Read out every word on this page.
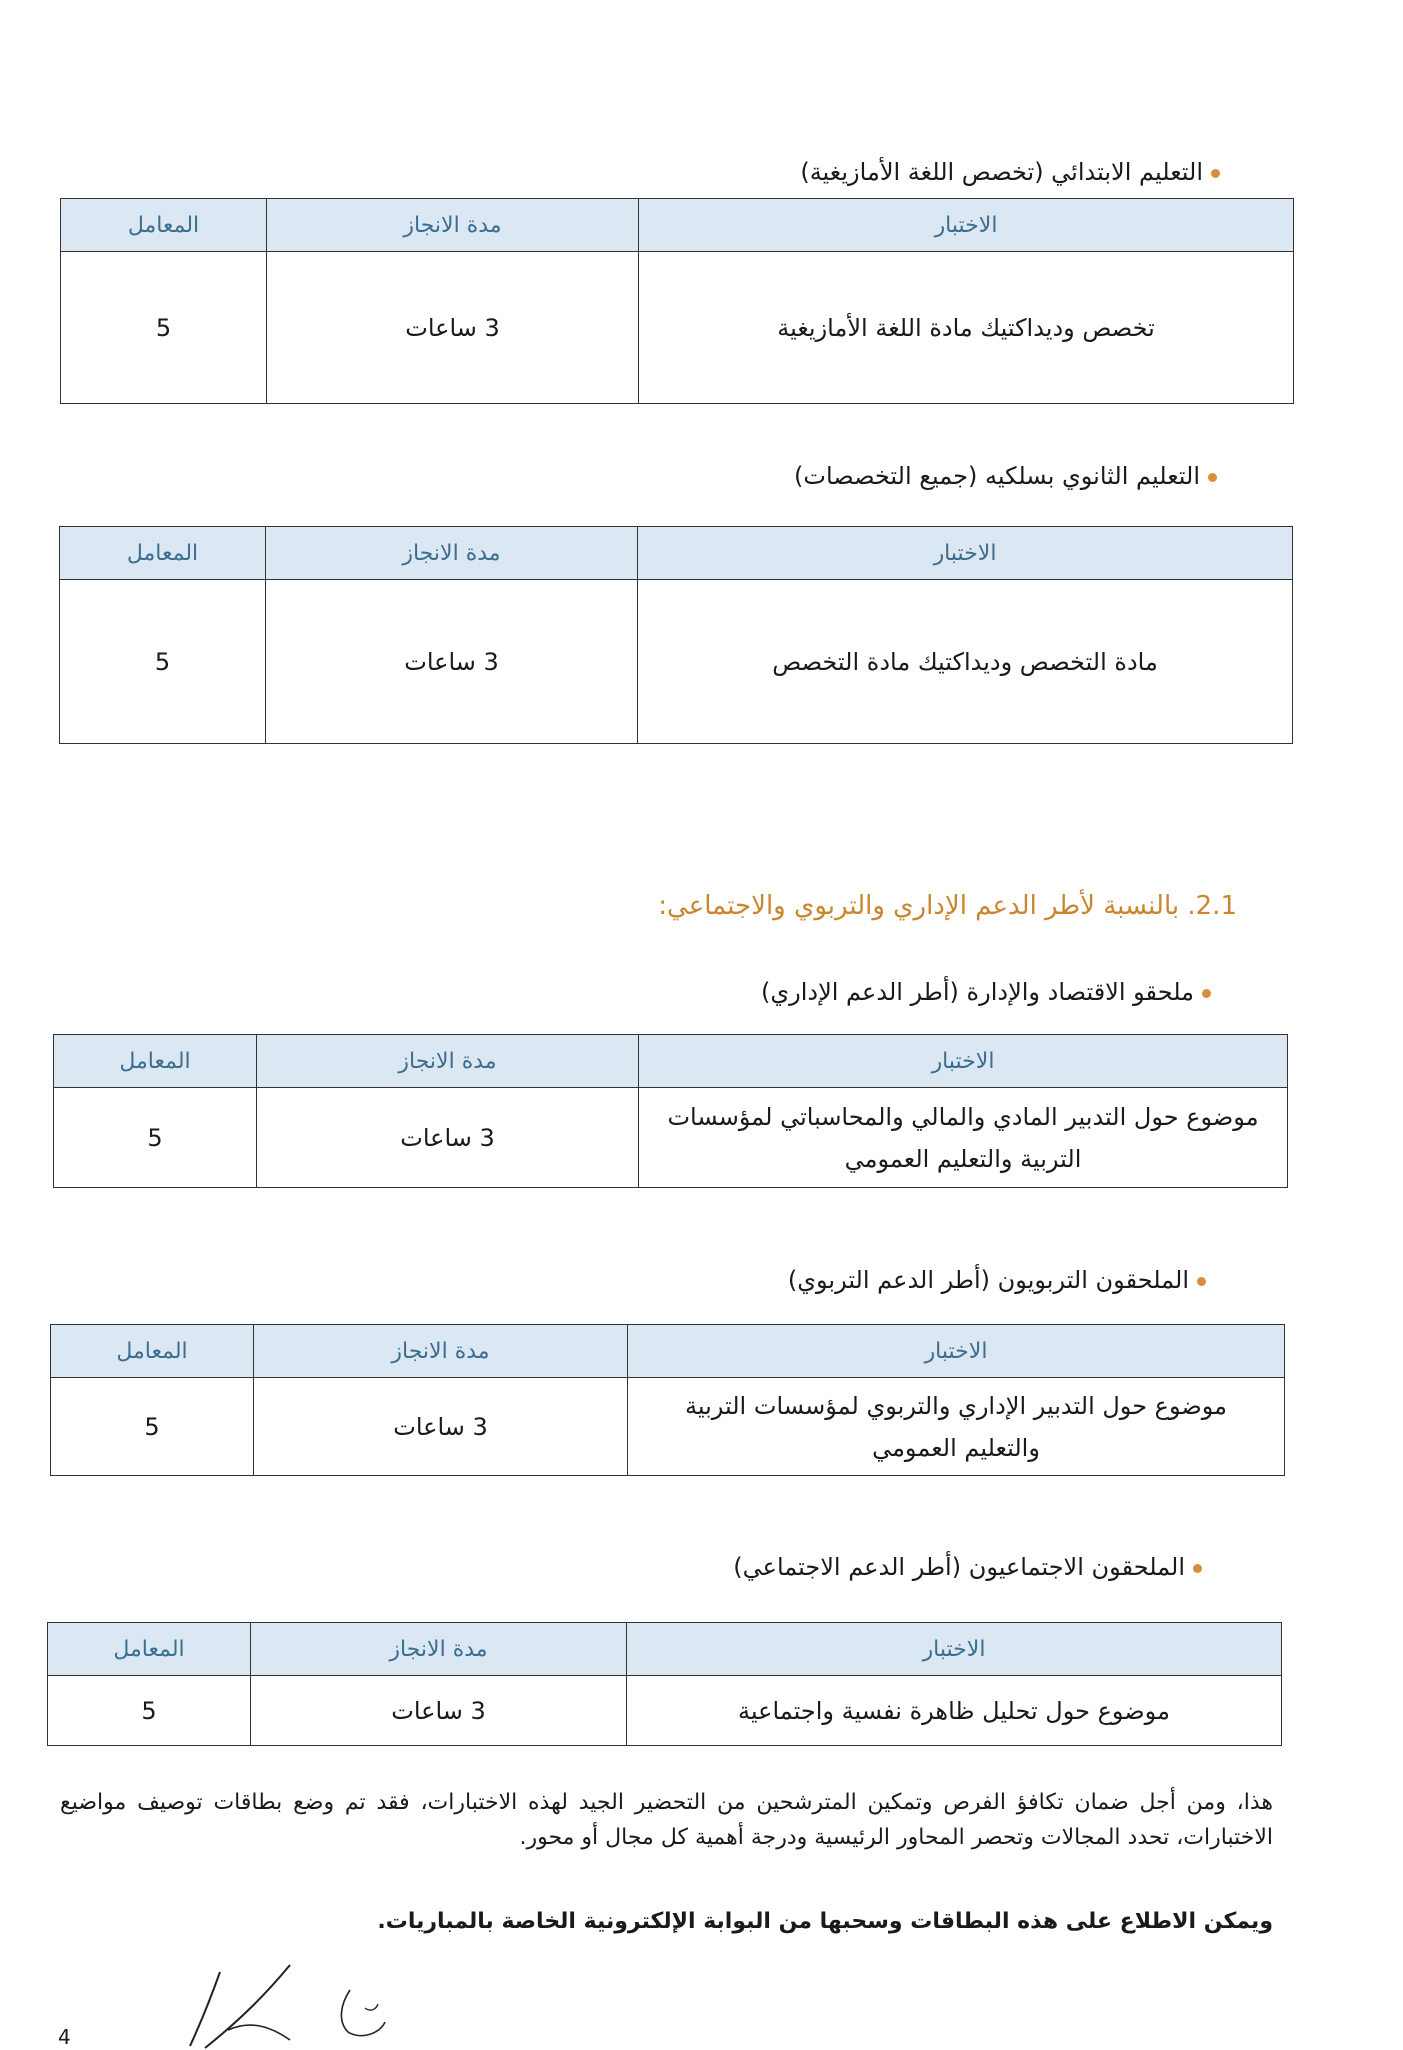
التعليم الابتدائي (تخصص اللغة الأمازيغية)
الاختبار	مدة الانجاز	المعامل
تخصص وديداكتيك مادة اللغة الأمازيغية	3 ساعات	5
التعليم الثانوي بسلكيه (جميع التخصصات)
الاختبار	مدة الانجاز	المعامل
مادة التخصص وديداكتيك مادة التخصص	3 ساعات	5
2.1. بالنسبة لأطر الدعم الإداري والتربوي والاجتماعي:
ملحقو الاقتصاد والإدارة (أطر الدعم الإداري)
الاختبار	مدة الانجاز	المعامل
موضوع حول التدبير المادي والمالي والمحاسباتي لمؤسسات التربية والتعليم العمومي	3 ساعات	5
الملحقون التربويون (أطر الدعم التربوي)
الاختبار	مدة الانجاز	المعامل
موضوع حول التدبير الإداري والتربوي لمؤسسات التربية والتعليم العمومي	3 ساعات	5
الملحقون الاجتماعيون (أطر الدعم الاجتماعي)
الاختبار	مدة الانجاز	المعامل
موضوع حول تحليل ظاهرة نفسية واجتماعية	3 ساعات	5
هذا، ومن أجل ضمان تكافؤ الفرص وتمكين المترشحين من التحضير الجيد لهذه الاختبارات، فقد تم وضع بطاقات توصيف مواضيع الاختبارات، تحدد المجالات وتحصر المحاور الرئيسية ودرجة أهمية كل مجال أو محور.
ويمكن الاطلاع على هذه البطاقات وسحبها من البوابة الإلكترونية الخاصة بالمباريات.
4
